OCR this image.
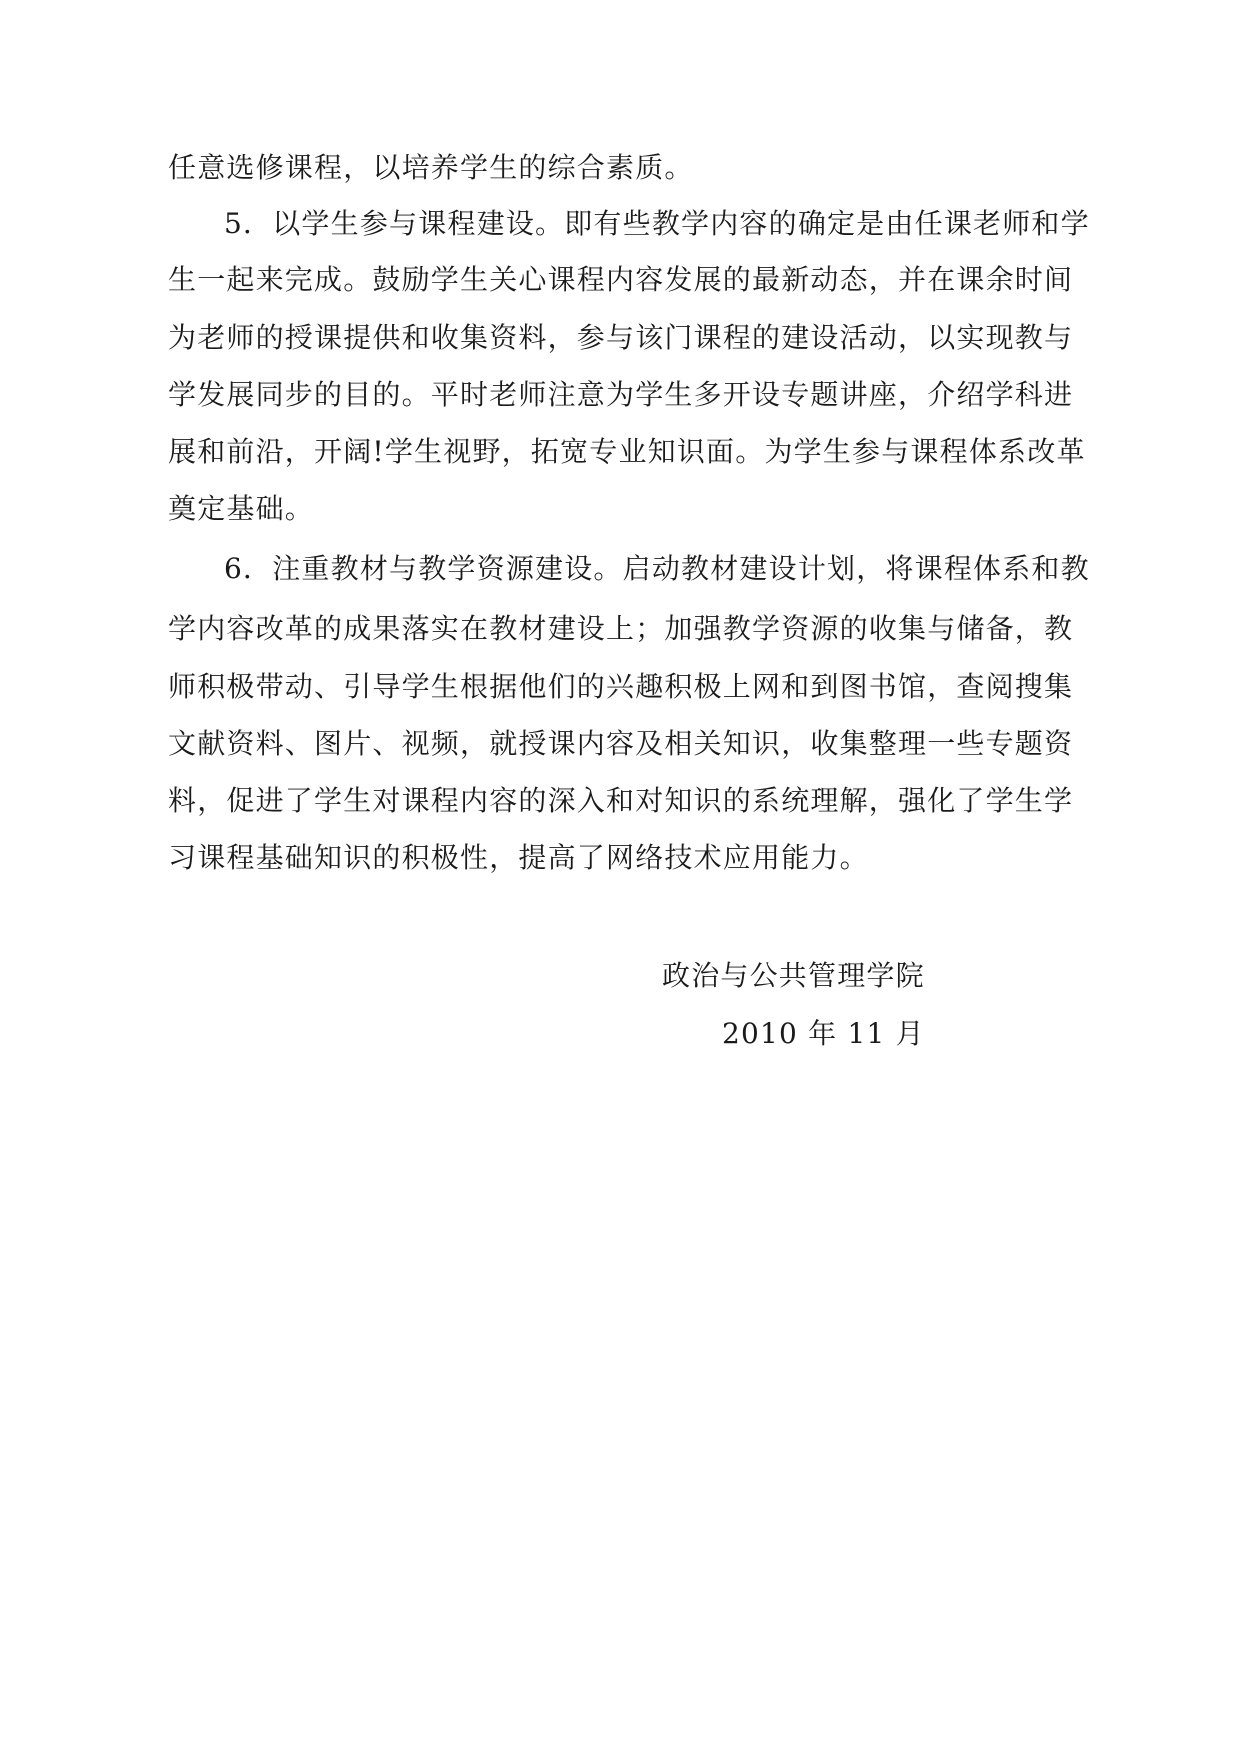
任意选修课程，以培养学生的综合素质。
5．以学生参与课程建设。即有些教学内容的确定是由任课老师和学
生一起来完成。鼓励学生关心课程内容发展的最新动态，并在课余时间
为老师的授课提供和收集资料，参与该门课程的建设活动，以实现教与
学发展同步的目的。平时老师注意为学生多开设专题讲座，介绍学科进
展和前沿，开阔!学生视野，拓宽专业知识面。为学生参与课程体系改革
奠定基础。
6．注重教材与教学资源建设。启动教材建设计划，将课程体系和教
学内容改革的成果落实在教材建设上；加强教学资源的收集与储备，教
师积极带动、引导学生根据他们的兴趣积极上网和到图书馆，查阅搜集
文献资料、图片、视频，就授课内容及相关知识，收集整理一些专题资
料，促进了学生对课程内容的深入和对知识的系统理解，强化了学生学
习课程基础知识的积极性，提高了网络技术应用能力。
政治与公共管理学院
2010 年 11 月
